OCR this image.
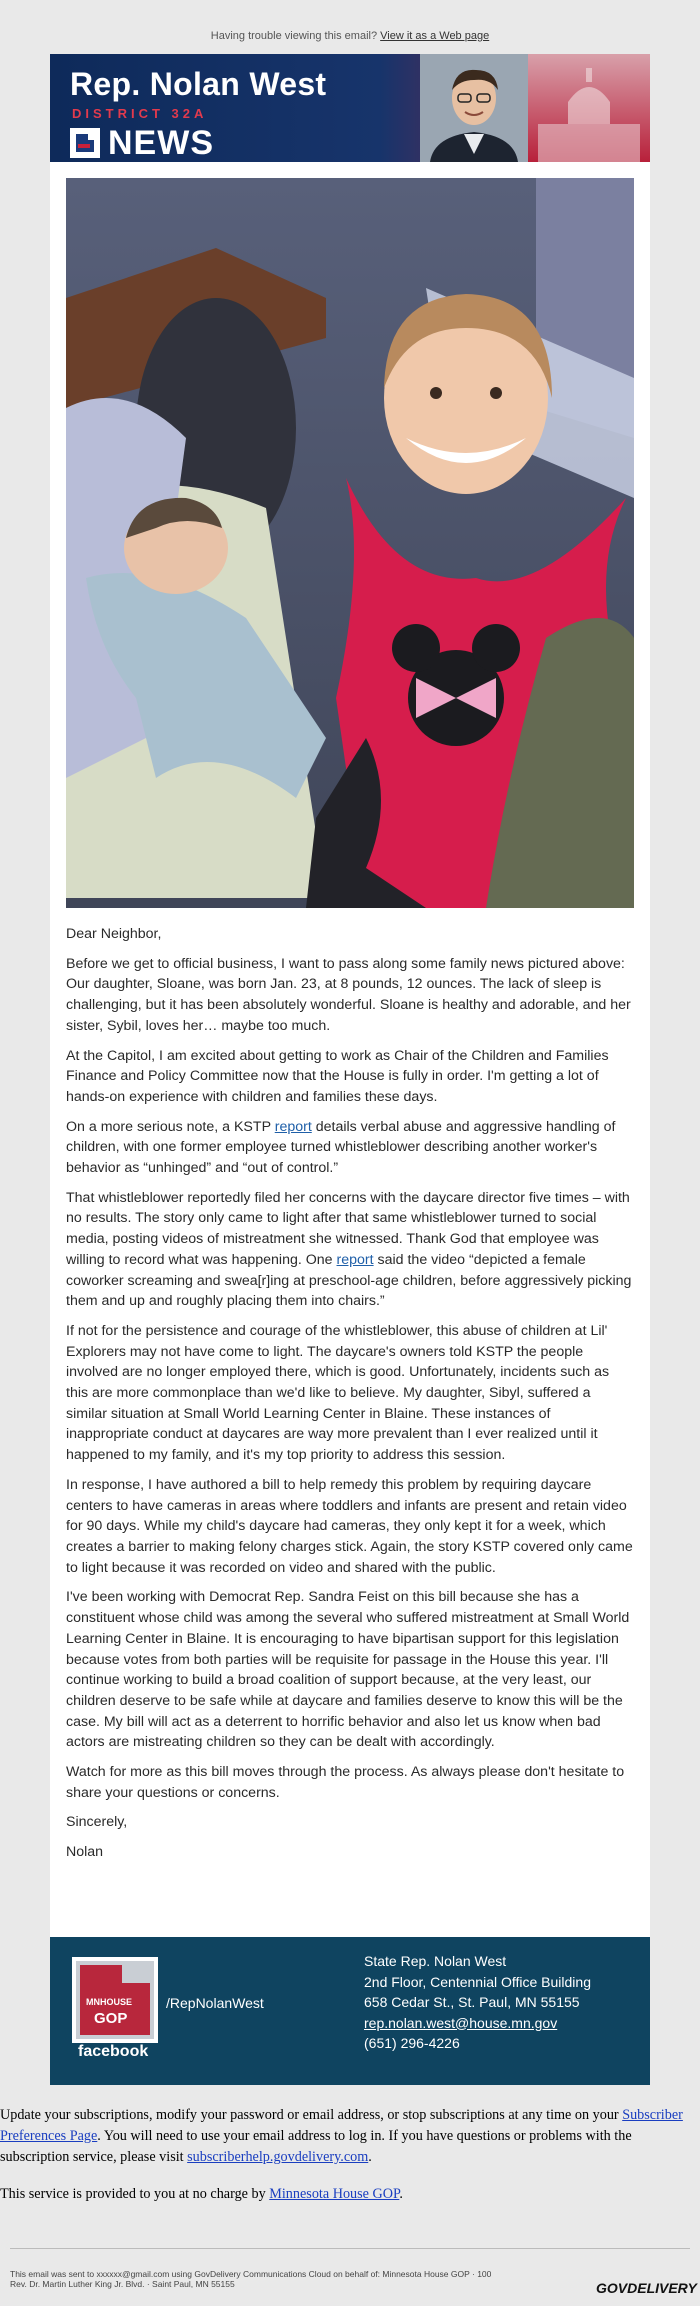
Having trouble viewing this email? View it as a Web page
Rep. Nolan West
DISTRICT 32A
NEWS

Dear Neighbor,

Before we get to official business, I want to pass along some family news pictured above: Our daughter, Sloane, was born Jan. 23, at 8 pounds, 12 ounces. The lack of sleep is challenging, but it has been absolutely wonderful. Sloane is healthy and adorable, and her sister, Sybil, loves her… maybe too much.

At the Capitol, I am excited about getting to work as Chair of the Children and Families Finance and Policy Committee now that the House is fully in order. I'm getting a lot of hands-on experience with children and families these days.

On a more serious note, a KSTP report details verbal abuse and aggressive handling of children, with one former employee turned whistleblower describing another worker's behavior as “unhinged” and “out of control.”

That whistleblower reportedly filed her concerns with the daycare director five times – with no results. The story only came to light after that same whistleblower turned to social media, posting videos of mistreatment she witnessed. Thank God that employee was willing to record what was happening. One report said the video “depicted a female coworker screaming and swea[r]ing at preschool-age children, before aggressively picking them and up and roughly placing them into chairs.”

If not for the persistence and courage of the whistleblower, this abuse of children at Lil' Explorers may not have come to light. The daycare's owners told KSTP the people involved are no longer employed there, which is good. Unfortunately, incidents such as this are more commonplace than we'd like to believe. My daughter, Sibyl, suffered a similar situation at Small World Learning Center in Blaine. These instances of inappropriate conduct at daycares are way more prevalent than I ever realized until it happened to my family, and it's my top priority to address this session.

In response, I have authored a bill to help remedy this problem by requiring daycare centers to have cameras in areas where toddlers and infants are present and retain video for 90 days. While my child's daycare had cameras, they only kept it for a week, which creates a barrier to making felony charges stick. Again, the story KSTP covered only came to light because it was recorded on video and shared with the public.

I've been working with Democrat Rep. Sandra Feist on this bill because she has a constituent whose child was among the several who suffered mistreatment at Small World Learning Center in Blaine. It is encouraging to have bipartisan support for this legislation because votes from both parties will be requisite for passage in the House this year. I'll continue working to build a broad coalition of support because, at the very least, our children deserve to be safe while at daycare and families deserve to know this will be the case. My bill will act as a deterrent to horrific behavior and also let us know when bad actors are mistreating children so they can be dealt with accordingly.

Watch for more as this bill moves through the process. As always please don't hesitate to share your questions or concerns.

Sincerely,

Nolan

MNHOUSE
GOP
facebook
/RepNolanWest
State Rep. Nolan West
2nd Floor, Centennial Office Building
658 Cedar St., St. Paul, MN 55155
rep.nolan.west@house.mn.gov
(651) 296-4226

Update your subscriptions, modify your password or email address, or stop subscriptions at any time on your Subscriber Preferences Page. You will need to use your email address to log in. If you have questions or problems with the subscription service, please visit subscriberhelp.govdelivery.com.

This service is provided to you at no charge by Minnesota House GOP.

This email was sent to xxxxxx@gmail.com using GovDelivery Communications Cloud on behalf of: Minnesota House GOP · 100
Rev. Dr. Martin Luther King Jr. Blvd. · Saint Paul, MN 55155	GOVDELIVERY
